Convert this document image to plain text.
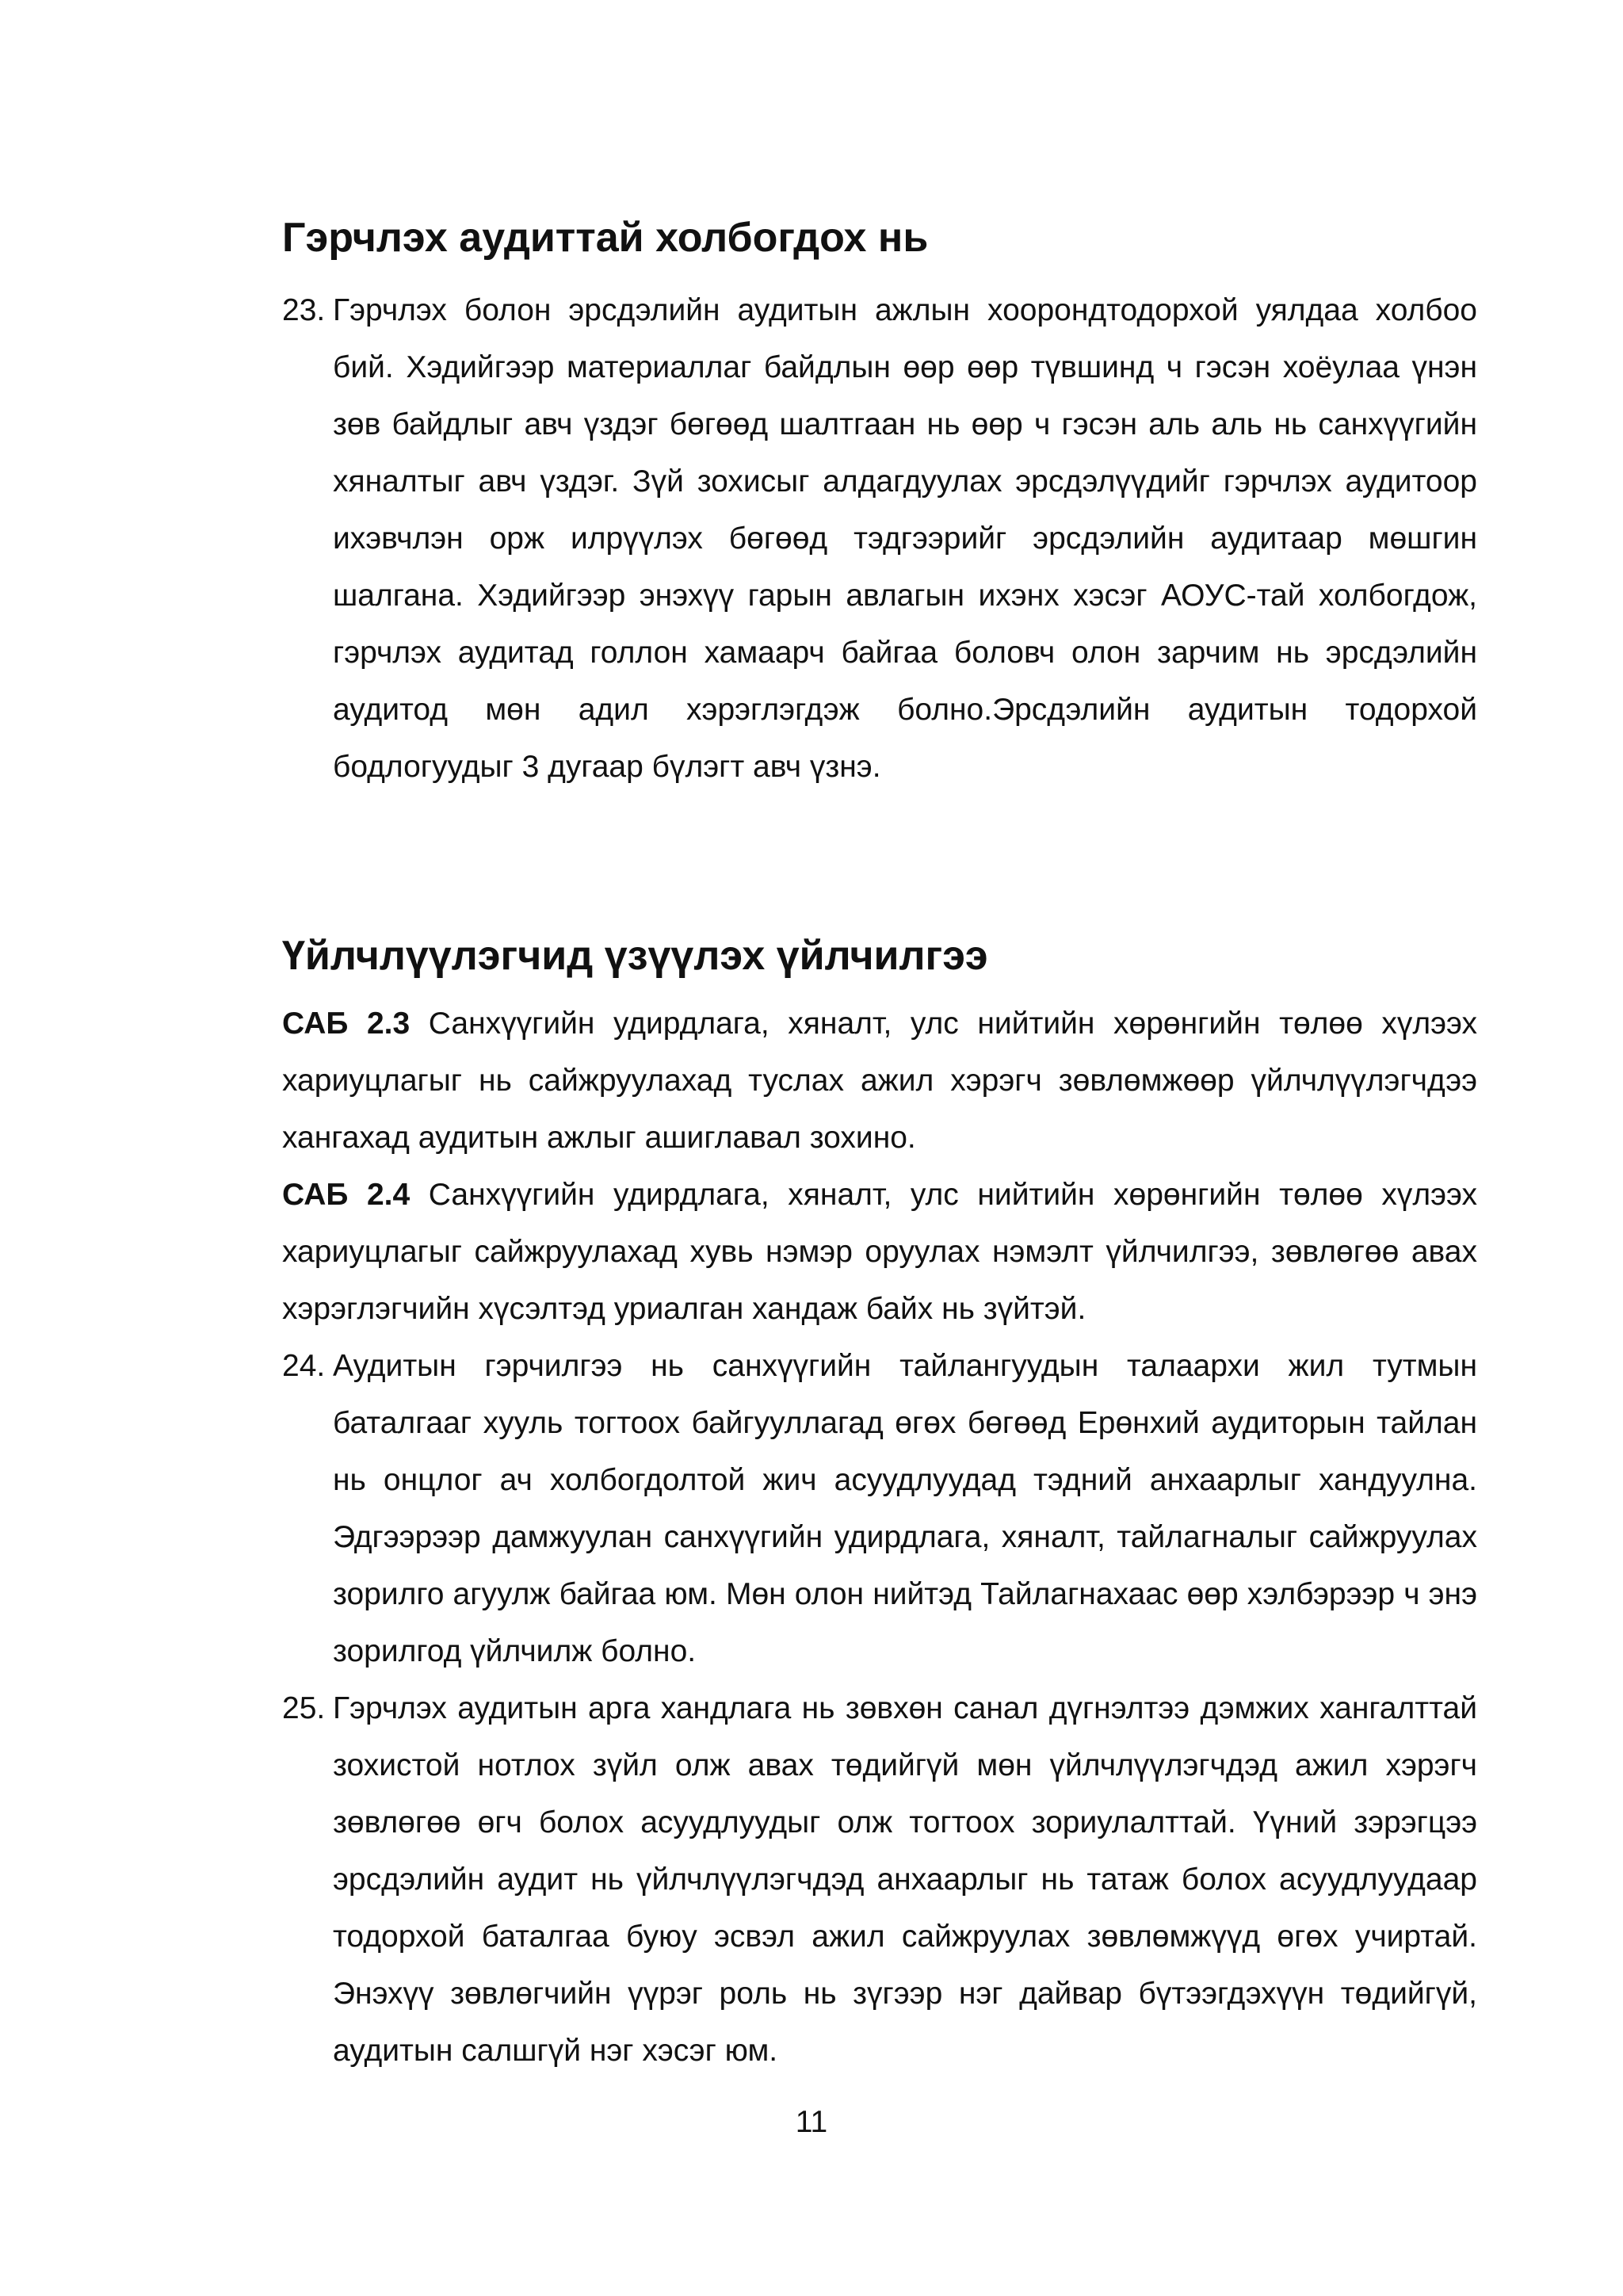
Гэрчлэх аудиттай холбогдох нь
23. Гэрчлэх болон эрсдэлийн аудитын ажлын хоорондтодорхой уялдаа холбоо бий. Хэдийгээр материаллаг байдлын өөр өөр түвшинд ч гэсэн хоёулаа үнэн зөв байдлыг авч үздэг бөгөөд шалтгаан нь өөр ч гэсэн аль аль нь санхүүгийн хяналтыг авч үздэг. Зүй зохисыг алдагдуулах эрсдэлүүдийг гэрчлэх аудитоор ихэвчлэн орж илрүүлэх бөгөөд тэдгээрийг эрсдэлийн аудитаар мөшгин шалгана. Хэдийгээр энэхүү гарын авлагын ихэнх хэсэг АОУС-тай холбогдож, гэрчлэх аудитад голлон хамаарч байгаа боловч олон зарчим нь эрсдэлийн аудитод мөн адил хэрэглэгдэж болно.Эрсдэлийн аудитын тодорхой бодлогуудыг 3 дугаар бүлэгт авч үзнэ.

Үйлчлүүлэгчид үзүүлэх үйлчилгээ

САБ 2.3 Санхүүгийн удирдлага, хяналт, улс нийтийн хөрөнгийн төлөө хүлээх хариуцлагыг нь сайжруулахад туслах ажил хэрэгч зөвлөмжөөр үйлчлүүлэгчдээ хангахад аудитын ажлыг ашиглавал зохино.

САБ 2.4 Санхүүгийн удирдлага, хяналт, улс нийтийн хөрөнгийн төлөө хүлээх хариуцлагыг сайжруулахад хувь нэмэр оруулах нэмэлт үйлчилгээ, зөвлөгөө авах хэрэглэгчийн хүсэлтэд уриалган хандаж байх нь зүйтэй.

24. Аудитын гэрчилгээ нь санхүүгийн тайлангуудын талаархи жил тутмын баталгааг хууль тогтоох байгууллагад өгөх бөгөөд Ерөнхий аудиторын тайлан нь онцлог ач холбогдолтой жич асуудлуудад тэдний анхаарлыг хандуулна. Эдгээрээр дамжуулан санхүүгийн удирдлага, хяналт, тайлагналыг сайжруулах зорилго агуулж байгаа юм. Мөн олон нийтэд Тайлагнахаас өөр хэлбэрээр ч энэ зорилгод үйлчилж болно.

25. Гэрчлэх аудитын арга хандлага нь зөвхөн санал дүгнэлтээ дэмжих хангалттай зохистой нотлох зүйл олж авах төдийгүй мөн үйлчлүүлэгчдэд ажил хэрэгч зөвлөгөө өгч болох асуудлуудыг олж тогтоох зориулалттай. Үүний зэрэгцээ эрсдэлийн аудит нь үйлчлүүлэгчдэд анхаарлыг нь татаж болох асуудлуудаар тодорхой баталгаа буюу эсвэл ажил сайжруулах зөвлөмжүүд өгөх учиртай. Энэхүү зөвлөгчийн үүрэг роль нь зүгээр нэг дайвар бүтээгдэхүүн төдийгүй, аудитын салшгүй нэг хэсэг юм.

11
